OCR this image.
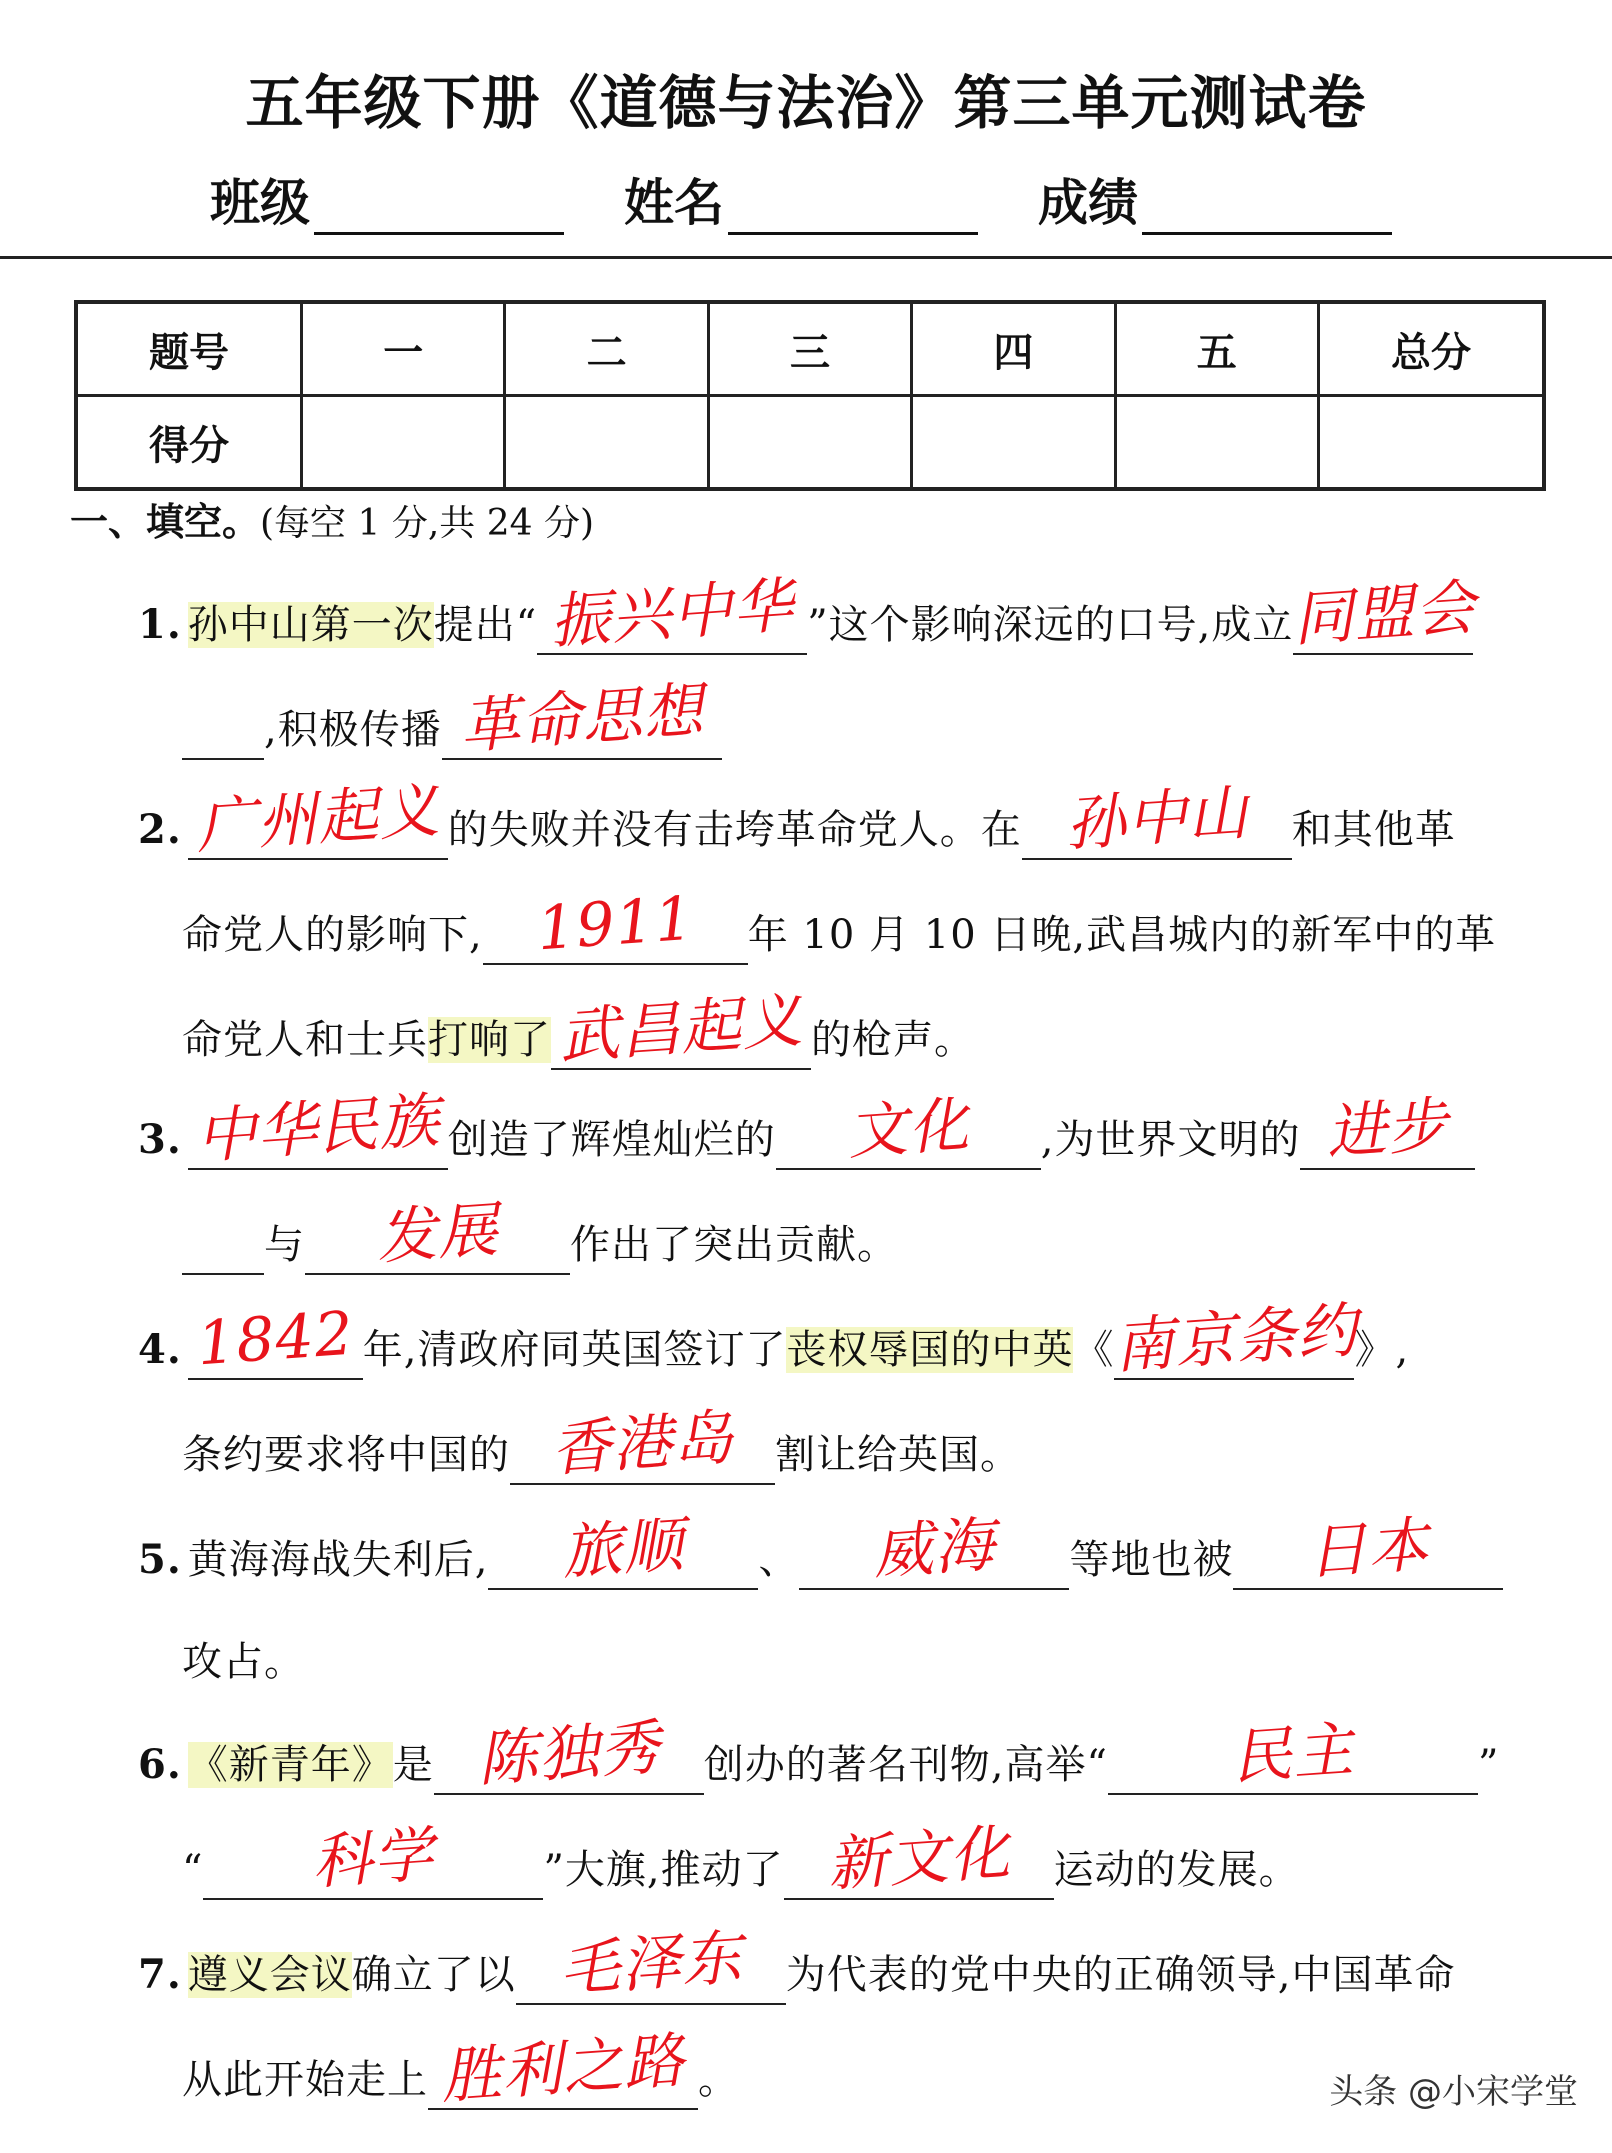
五年级下册《道德与法治》第三单元测试卷
班级	姓名	成绩
题号	一	二	三	四	五	总分
得分						
一、填空。(每空 1 分,共 24 分)
1. 孙中山第一次提出“ 振兴中华 ”这个影响深远的口号,成立
同盟会
,积极传播 革命思想
2. 广州起义 的失败并没有击垮革命党人。在 孙中山	和其他革
命党人的影响下, 1911	年 10 月 10 日晚,武昌城内的新军中的革
命党人和士兵打响了 武昌起义 的枪声。
3. 中华民族 创造了辉煌灿烂的	文化	,为世界文明的 进步
与	发展	作出了突出贡献。
4. 1842 年,清政府同英国签订了丧权辱国的中英《
南京条约
》,
条约要求将中国的 香港岛 割让给英国。
5. 黄海海战失利后,	旅顺	、	威海	等地也被	日本
攻占。
6. 《新青年》是 陈独秀	创办的著名刊物,高举“	民主	”
“	科学	”大旗,推动了 新文化	运动的发展。
7. 遵义会议确立了以 毛泽东	为代表的党中央的正确领导,中国革命
从此开始走上 胜利之路 。	头条 @小宋学堂
